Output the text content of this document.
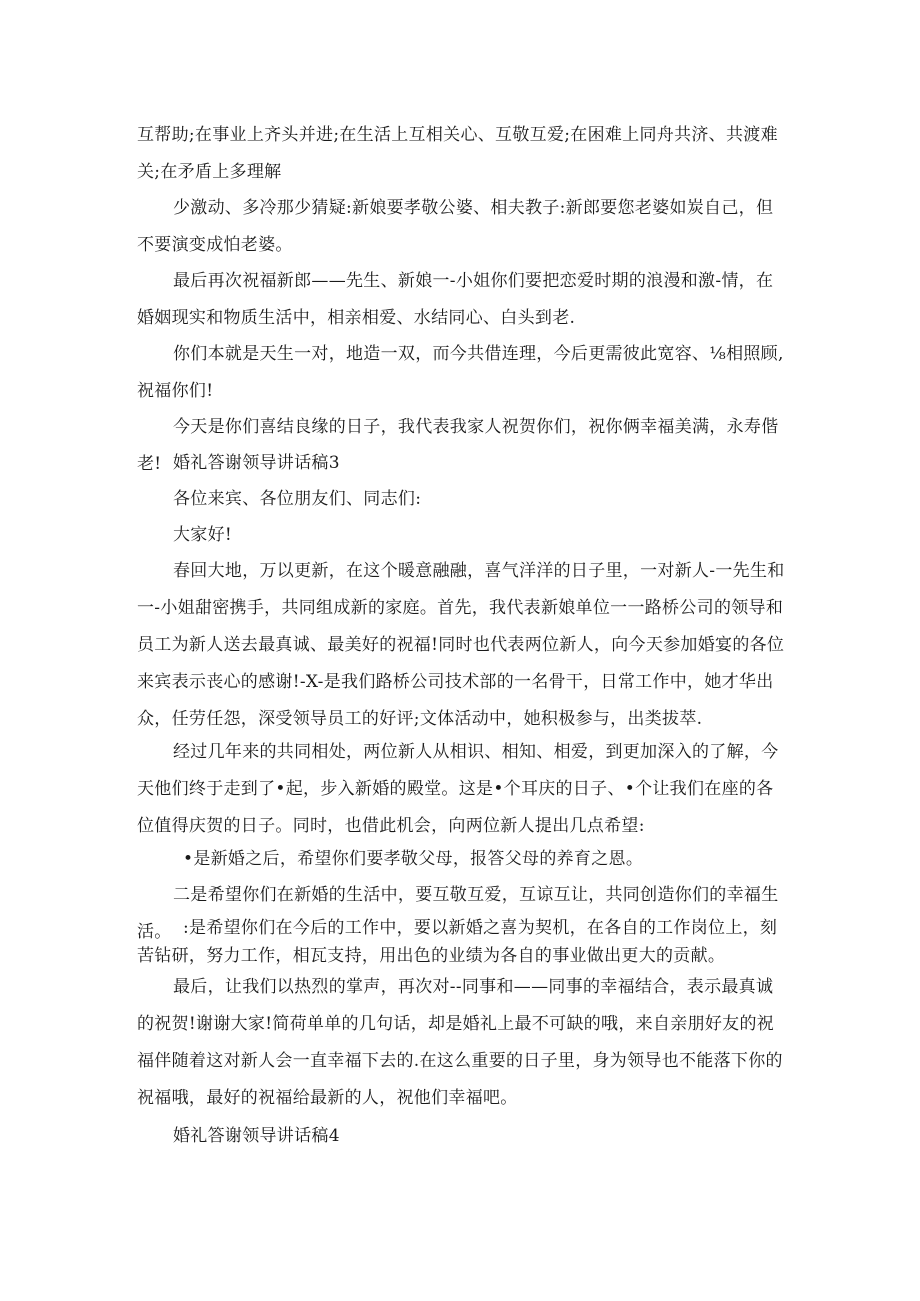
互帮助;在事业上齐头并进;在生活上互相关心、互敬互爱;在困难上同舟共济、共渡难关;在矛盾上多理解

少激动、多冷那少猜疑:新娘要孝敬公婆、相夫教子:新郎要您老婆如炭自己，但不要演变成怕老婆。

最后再次祝福新郎——先生、新娘一-小姐你们要把恋爱时期的浪漫和激-情，在婚姻现实和物质生活中，相亲相爱、水结同心、白头到老.

你们本就是天生一对，地造一双，而今共借连理，今后更需彼此宽容、⅛相照顾,祝福你们!

今天是你们喜结良缘的日子，我代表我家人祝贺你们，祝你俩幸福美满，永寿偕老! 婚礼答谢领导讲话稿3

各位来宾、各位朋友们、同志们:

大家好!

春回大地，万以更新，在这个暖意融融，喜气洋洋的日子里，一对新人-一先生和一-小姐甜密携手，共同组成新的家庭。首先，我代表新娘单位一一路桥公司的领导和员工为新人送去最真诚、最美好的祝福!同时也代表两位新人，向今天参加婚宴的各位来宾表示丧心的感谢!-X-是我们路桥公司技术部的一名骨干，日常工作中，她才华出众，任劳任怨，深受领导员工的好评;文体活动中，她积极参与，出类拔萃.

经过几年来的共同相处，两位新人从相识、相知、相爱，到更加深入的了解，今天他们终于走到了•起，步入新婚的殿堂。这是•个耳庆的日子、•个让我们在座的各位值得庆贺的日子。同时，也借此机会，向两位新人提出几点希望:

•是新婚之后，希望你们要孝敬父母，报答父母的养育之恩。

二是希望你们在新婚的生活中，要互敬互爱，互谅互让，共同创造你们的幸福生活。 :是希望你们在今后的工作中，要以新婚之喜为契机，在各自的工作岗位上，刻苦钻研，努力工作，相瓦支持，用出色的业绩为各自的事业做出更大的贡献。

最后，让我们以热烈的掌声，再次对--同事和——同事的幸福结合，表示最真诚的祝贺!谢谢大家!简荷单单的几句话，却是婚礼上最不可缺的哦，来自亲朋好友的祝福伴随着这对新人会一直幸福下去的.在这么重要的日子里，身为领导也不能落下你的祝福哦，最好的祝福给最新的人，祝他们幸福吧。

婚礼答谢领导讲话稿4
